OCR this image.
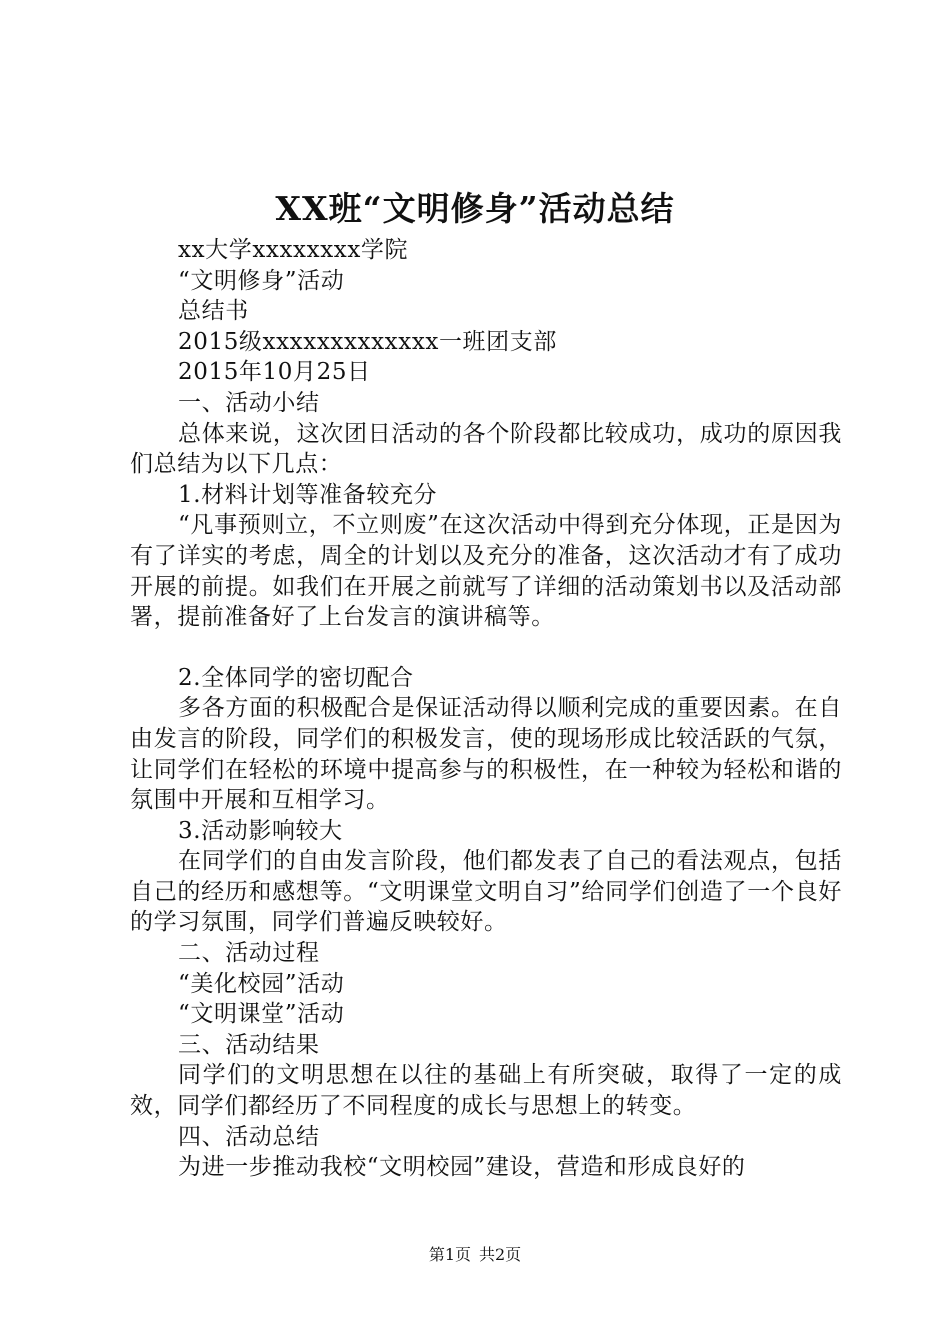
XX班“文明修身”活动总结

xx大学xxxxxxxx学院

“文明修身”活动

总结书

2015级xxxxxxxxxxxxx一班团支部

2015年10月25日

一、活动小结

总体来说，这次团日活动的各个阶段都比较成功，成功的原因我们总结为以下几点：

1.材料计划等准备较充分

“凡事预则立，不立则废”在这次活动中得到充分体现，正是因为有了详实的考虑，周全的计划以及充分的准备，这次活动才有了成功开展的前提。如我们在开展之前就写了详细的活动策划书以及活动部署，提前准备好了上台发言的演讲稿等。

2.全体同学的密切配合

多各方面的积极配合是保证活动得以顺利完成的重要因素。在自由发言的阶段，同学们的积极发言，使的现场形成比较活跃的气氛，让同学们在轻松的环境中提高参与的积极性，在一种较为轻松和谐的氛围中开展和互相学习。

3.活动影响较大

在同学们的自由发言阶段，他们都发表了自己的看法观点，包括自己的经历和感想等。“文明课堂文明自习”给同学们创造了一个良好的学习氛围，同学们普遍反映较好。

二、活动过程

“美化校园”活动

“文明课堂”活动

三、活动结果

同学们的文明思想在以往的基础上有所突破，取得了一定的成效，同学们都经历了不同程度的成长与思想上的转变。

四、活动总结

为进一步推动我校“文明校园”建设，营造和形成良好的

第1页 共2页
